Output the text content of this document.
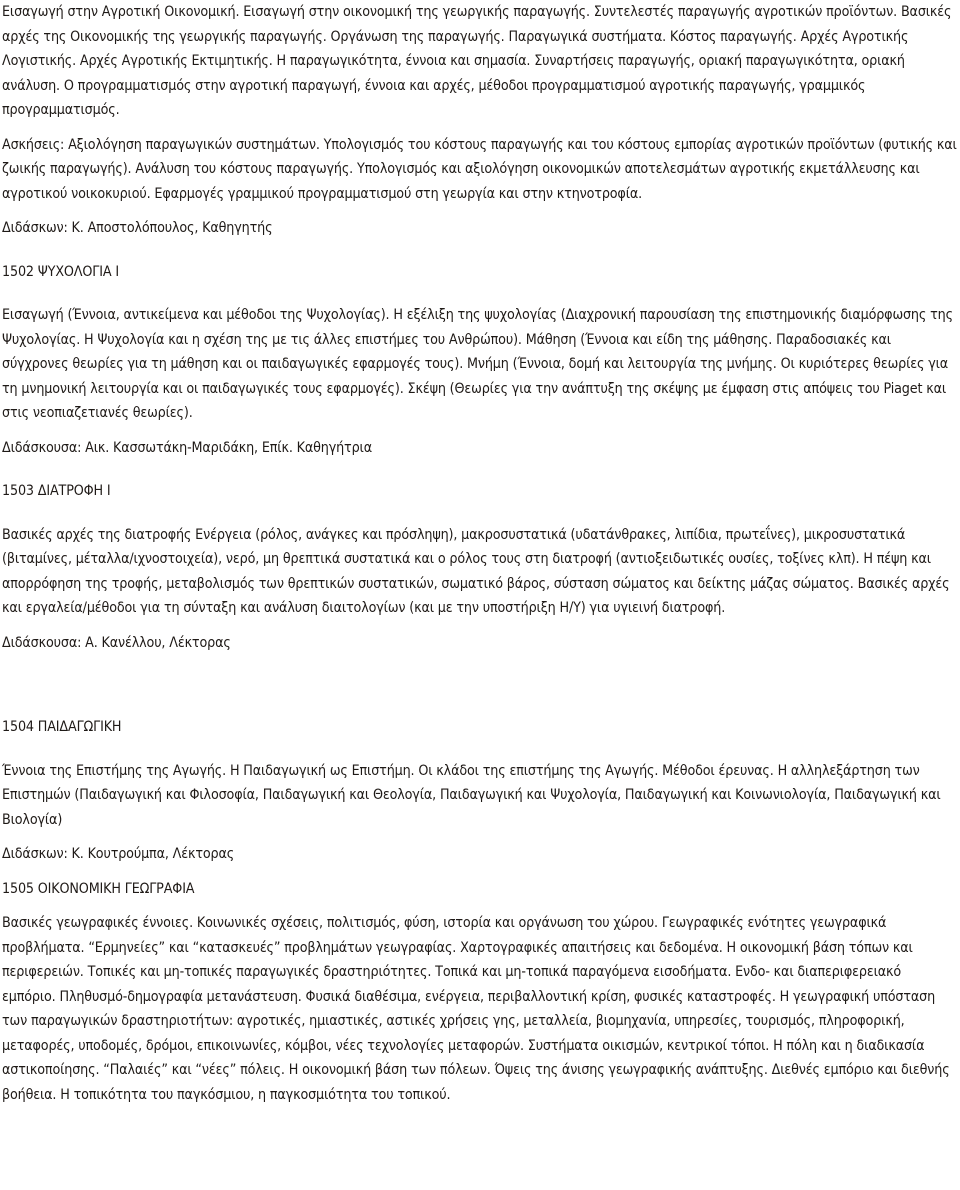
Εισαγωγή στην Αγροτική Οικονομική. Εισαγωγή στην οικονομική της γεωργικής παραγωγής. Συντελεστές παραγωγής αγροτικών προϊόντων. Βασικές αρχές της Οικονομικής της γεωργικής παραγωγής. Οργάνωση της παραγωγής. Παραγωγικά συστήματα. Κόστος παραγωγής. Αρχές Αγροτικής Λογιστικής. Αρχές Αγροτικής Εκτιμητικής. Η παραγωγικότητα, έννοια και σημασία. Συναρτήσεις παραγωγής, οριακή παραγωγικότητα, οριακή ανάλυση. Ο προγραμματισμός στην αγροτική παραγωγή, έννοια και αρχές, μέθοδοι προγραμματισμού αγροτικής παραγωγής, γραμμικός προγραμματισμός.

Ασκήσεις: Αξιολόγηση παραγωγικών συστημάτων. Υπολογισμός του κόστους παραγωγής και του κόστους εμπορίας αγροτικών προϊόντων (φυτικής και ζωικής παραγωγής). Ανάλυση του κόστους παραγωγής. Υπολογισμός και αξιολόγηση οικονομικών αποτελεσμάτων αγροτικής εκμετάλλευσης και αγροτικού νοικοκυριού. Εφαρμογές γραμμικού προγραμματισμού στη γεωργία και στην κτηνοτροφία.

Διδάσκων: Κ. Αποστολόπουλος, Καθηγητής

1502 ΨΥΧΟΛΟΓΙΑ Ι

Εισαγωγή (Έννοια, αντικείμενα και μέθοδοι της Ψυχολογίας). Η εξέλιξη της ψυχολογίας (Διαχρονική παρουσίαση της επιστημονικής διαμόρφωσης της Ψυχολογίας. Η Ψυχολογία και η σχέση της με τις άλλες επιστήμες του Ανθρώπου). Μάθηση (Έννοια και είδη της μάθησης. Παραδοσιακές και σύγχρονες θεωρίες για τη μάθηση και οι παιδαγωγικές εφαρμογές τους). Μνήμη (Έννοια, δομή και λειτουργία της μνήμης. Οι κυριότερες θεωρίες για τη μνημονική λειτουργία και οι παιδαγωγικές τους εφαρμογές). Σκέψη (Θεωρίες για την ανάπτυξη της σκέψης με έμφαση στις απόψεις του Piaget και στις νεοπιαζετιανές θεωρίες).

Διδάσκουσα: Αικ. Κασσωτάκη-Μαριδάκη, Επίκ. Καθηγήτρια

1503 ΔΙΑΤΡΟΦΗ Ι

Βασικές αρχές της διατροφής Ενέργεια (ρόλος, ανάγκες και πρόσληψη), μακροσυστατικά (υδατάνθρακες, λιπίδια, πρωτεΐνες), μικροσυστατικά (βιταμίνες, μέταλλα/ιχνοστοιχεία), νερό, μη θρεπτικά συστατικά και ο ρόλος τους στη διατροφή (αντιοξειδωτικές ουσίες, τοξίνες κλπ). Η πέψη και απορρόφηση της τροφής, μεταβολισμός των θρεπτικών συστατικών, σωματικό βάρος, σύσταση σώματος και δείκτης μάζας σώματος. Βασικές αρχές και εργαλεία/μέθοδοι για τη σύνταξη και ανάλυση διαιτολογίων (και με την υποστήριξη Η/Υ) για υγιεινή διατροφή.

Διδάσκουσα: Α. Κανέλλου, Λέκτορας

1504 ΠΑΙΔΑΓΩΓΙΚΗ

Έννοια της Επιστήμης της Αγωγής. Η Παιδαγωγική ως Επιστήμη. Οι κλάδοι της επιστήμης της Αγωγής. Μέθοδοι έρευνας. Η αλληλεξάρτηση των Επιστημών (Παιδαγωγική και Φιλοσοφία, Παιδαγωγική και Θεολογία, Παιδαγωγική και Ψυχολογία, Παιδαγωγική και Κοινωνιολογία, Παιδαγωγική και Βιολογία)

Διδάσκων: Κ. Κουτρούμπα, Λέκτορας

1505 ΟΙΚΟΝΟΜΙΚΗ ΓΕΩΓΡΑΦΙΑ

Βασικές γεωγραφικές έννοιες. Κοινωνικές σχέσεις, πολιτισμός, φύση, ιστορία και οργάνωση του χώρου. Γεωγραφικές ενότητες γεωγραφικά προβλήματα. “Ερμηνείες” και “κατασκευές” προβλημάτων γεωγραφίας. Χαρτογραφικές απαιτήσεις και δεδομένα. Η οικονομική βάση τόπων και περιφερειών. Τοπικές και μη-τοπικές παραγωγικές δραστηριότητες. Τοπικά και μη-τοπικά παραγόμενα εισοδήματα. Ενδο- και διαπεριφερειακό εμπόριο. Πληθυσμό-δημογραφία μετανάστευση. Φυσικά διαθέσιμα, ενέργεια, περιβαλλοντική κρίση, φυσικές καταστροφές. Η γεωγραφική υπόσταση των παραγωγικών δραστηριοτήτων: αγροτικές, ημιαστικές, αστικές χρήσεις γης, μεταλλεία, βιομηχανία, υπηρεσίες, τουρισμός, πληροφορική, μεταφορές, υποδομές, δρόμοι, επικοινωνίες, κόμβοι, νέες τεχνολογίες μεταφορών. Συστήματα οικισμών, κεντρικοί τόποι. Η πόλη και η διαδικασία αστικοποίησης. “Παλαιές” και “νέες” πόλεις. Η οικονομική βάση των πόλεων. Όψεις της άνισης γεωγραφικής ανάπτυξης. Διεθνές εμπόριο και διεθνής βοήθεια. Η τοπικότητα του παγκόσμιου, η παγκοσμιότητα του τοπικού.
